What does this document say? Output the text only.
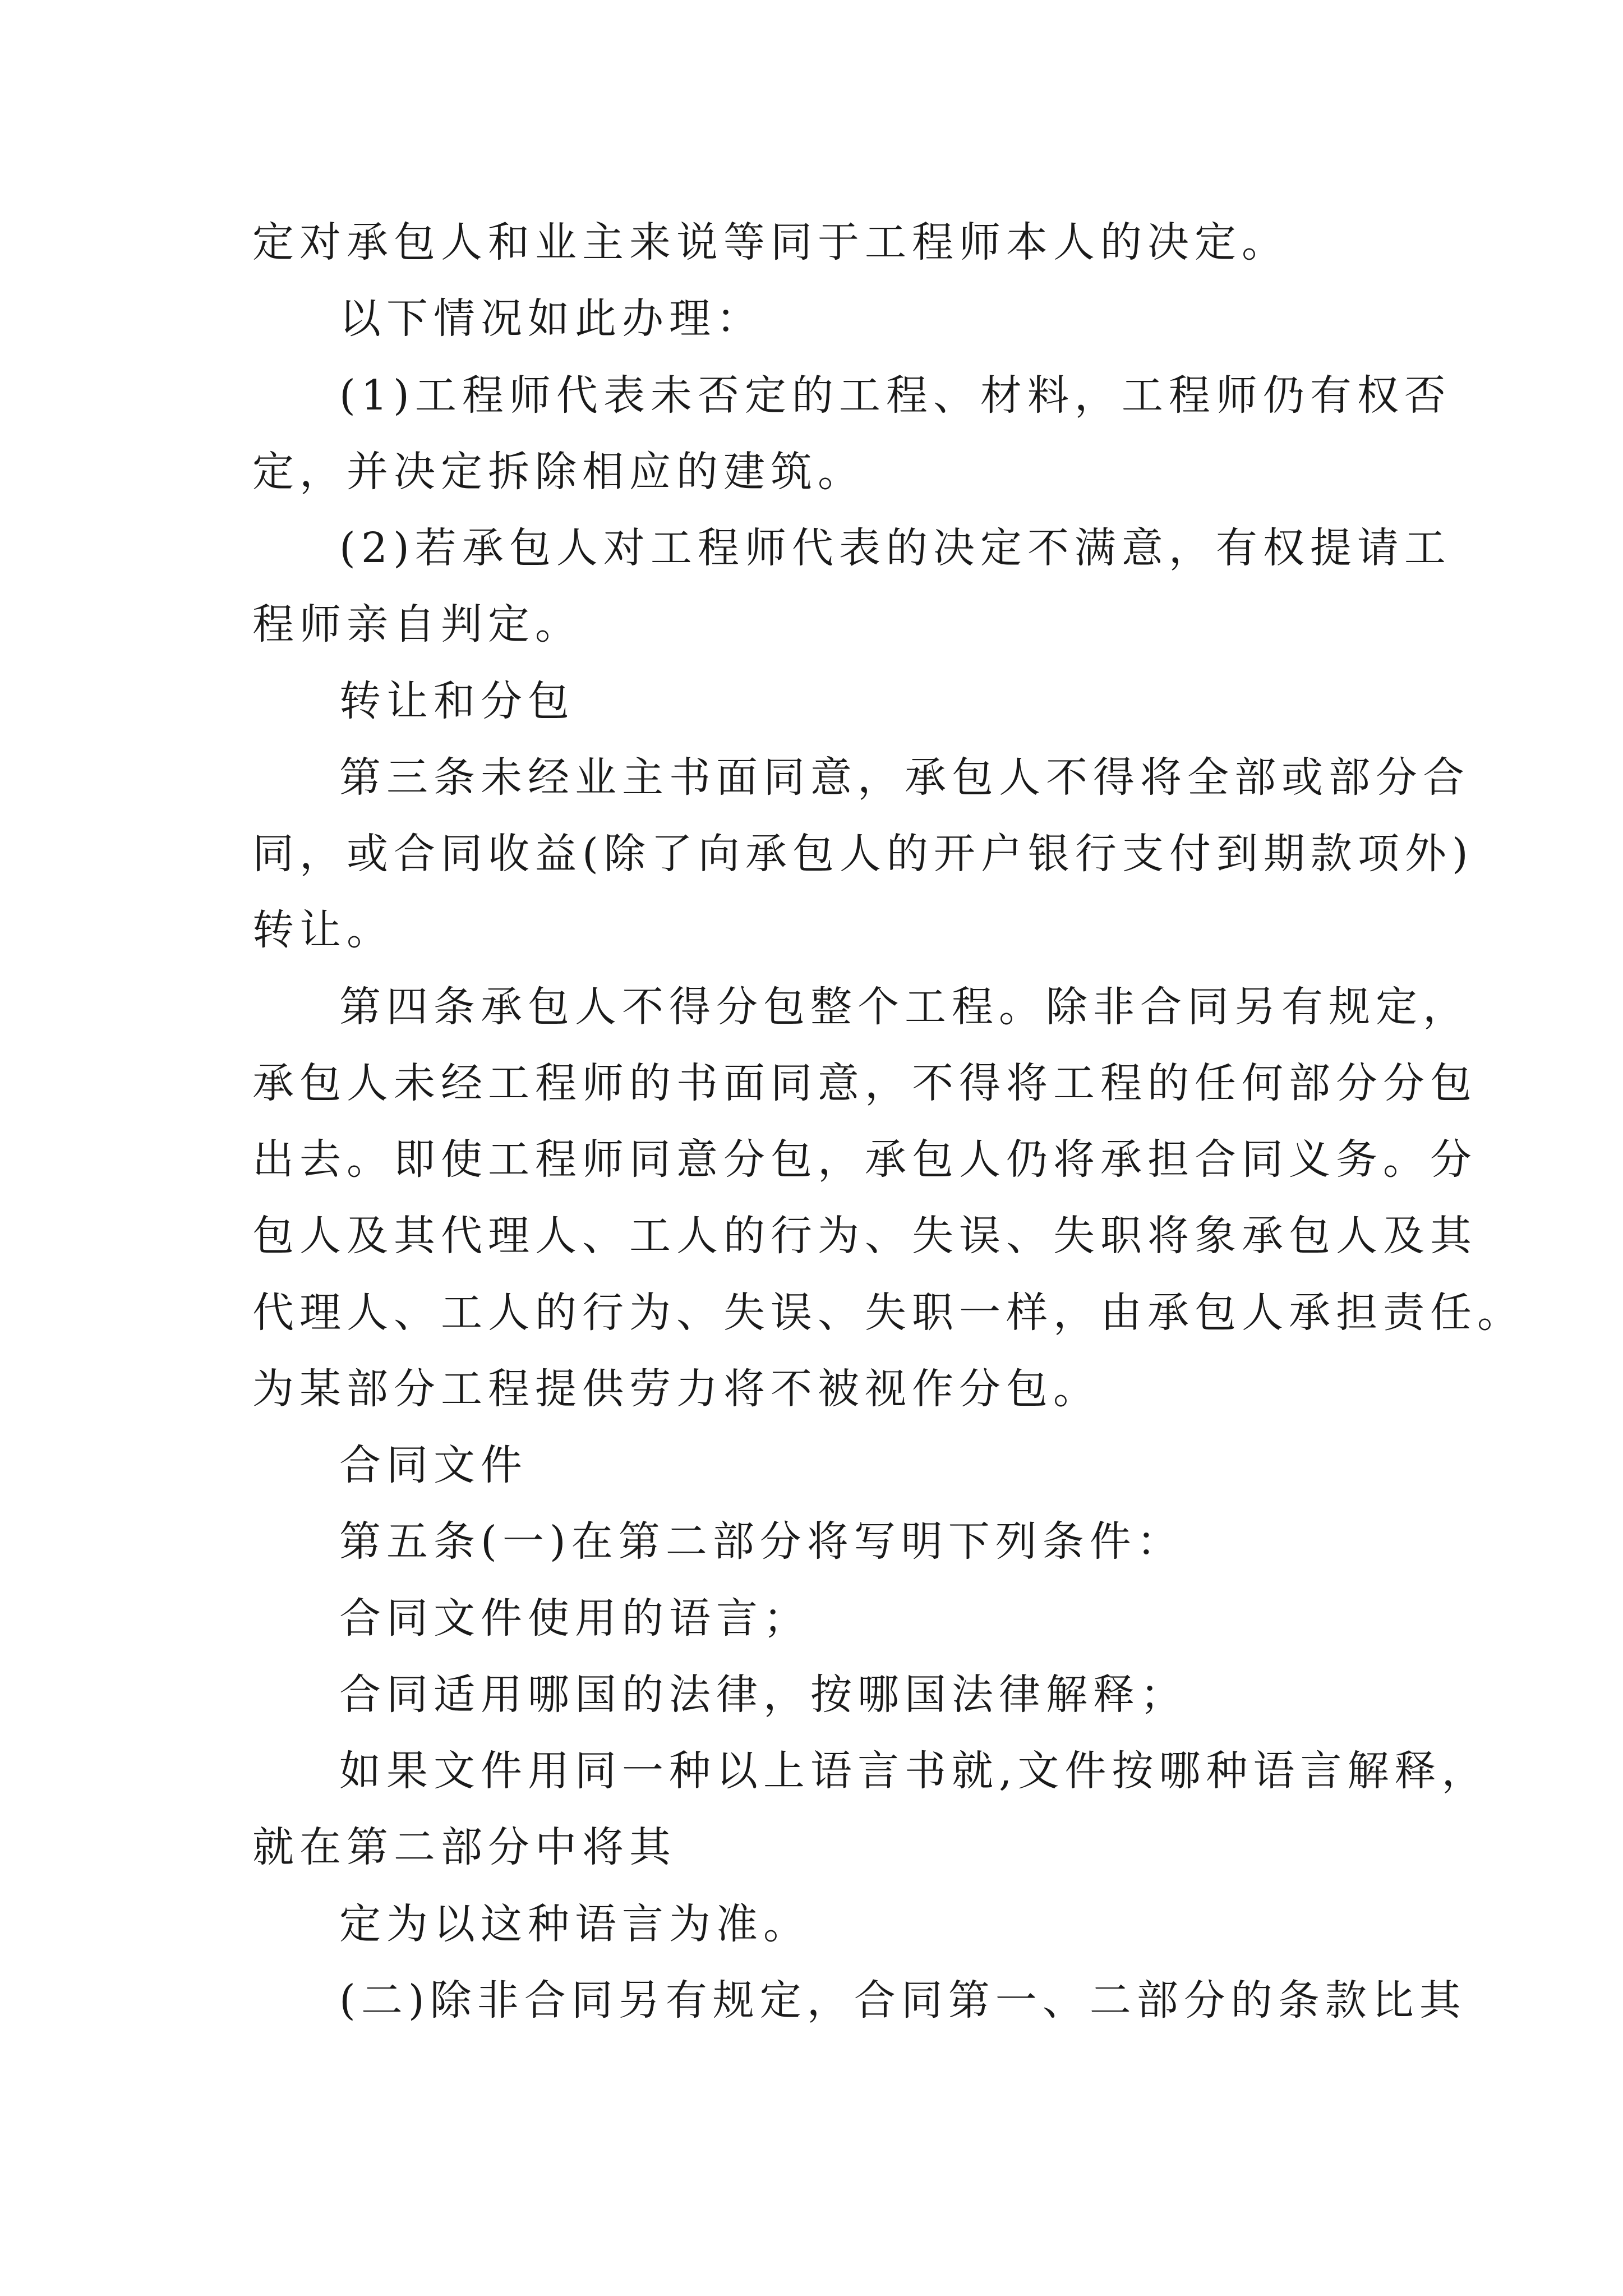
定对承包人和业主来说等同于工程师本人的决定。
以下情况如此办理：
(1)工程师代表未否定的工程、材料，工程师仍有权否
定，并决定拆除相应的建筑。
(2)若承包人对工程师代表的决定不满意，有权提请工
程师亲自判定。
转让和分包
第三条未经业主书面同意，承包人不得将全部或部分合
同，或合同收益(除了向承包人的开户银行支付到期款项外)
转让。
第四条承包人不得分包整个工程。除非合同另有规定，
承包人未经工程师的书面同意，不得将工程的任何部分分包
出去。即使工程师同意分包，承包人仍将承担合同义务。分
包人及其代理人、工人的行为、失误、失职将象承包人及其
代理人、工人的行为、失误、失职一样，由承包人承担责任。
为某部分工程提供劳力将不被视作分包。
合同文件
第五条(一)在第二部分将写明下列条件：
合同文件使用的语言；
合同适用哪国的法律，按哪国法律解释；
如果文件用同一种以上语言书就,文件按哪种语言解释，
就在第二部分中将其
定为以这种语言为准。
(二)除非合同另有规定，合同第一、二部分的条款比其
